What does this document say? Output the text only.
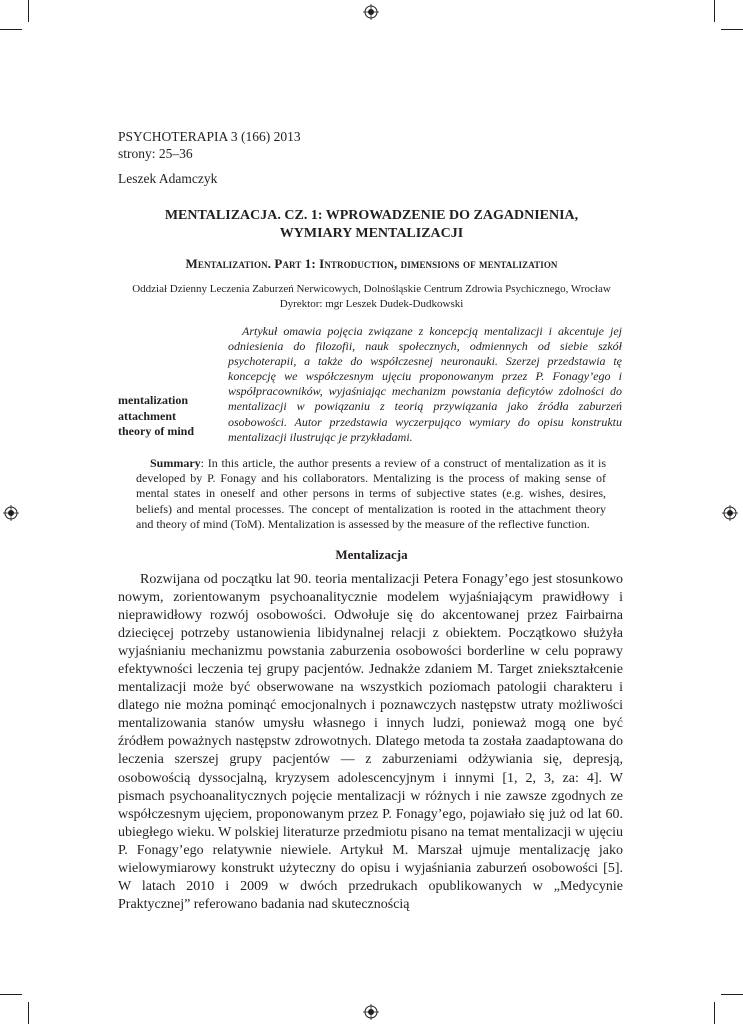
PSYCHOTERAPIA 3 (166) 2013
strony: 25–36
Leszek Adamczyk
MENTALIZACJA. CZ. 1: WPROWADZENIE DO ZAGADNIENIA,
WYMIARY MENTALIZACJI
Mentalization. Part 1: Introduction, dimensions of mentalization
Oddział Dzienny Leczenia Zaburzeń Nerwicowych, Dolnośląskie Centrum Zdrowia Psychicznego, Wrocław
Dyrektor: mgr Leszek Dudek-Dudkowski

Artykuł omawia pojęcia związane z koncepcją mentalizacji i akcentuje jej odniesienia do filozofii, nauk społecznych, odmiennych od siebie szkół psychoterapii, a także do współczesnej neuronauki. Szerzej przedstawia tę koncepcję we współczesnym ujęciu proponowanym przez P. Fonagy’ego i współpracowników, wyjaśniając mechanizm powstania deficytów zdolności do mentalizacji w powiązaniu z teorią przywiązania jako źródła zaburzeń osobowości. Autor przedstawia wyczerpująco wymiary do opisu konstruktu mentalizacji ilustrując je przykładami.

mentalization
attachment
theory of mind

Summary: In this article, the author presents a review of a construct of mentalization as it is developed by P. Fonagy and his collaborators. Mentalizing is the process of making sense of mental states in oneself and other persons in terms of subjective states (e.g. wishes, desires, beliefs) and mental processes. The concept of mentalization is rooted in the attachment theory and theory of mind (ToM). Mentalization is assessed by the measure of the reflective function.

Mentalizacja

Rozwijana od początku lat 90. teoria mentalizacji Petera Fonagy’ego jest stosunkowo nowym, zorientowanym psychoanalitycznie modelem wyjaśniającym prawidłowy i nieprawidłowy rozwój osobowości. Odwołuje się do akcentowanej przez Fairbairna dziecięcej potrzeby ustanowienia libidynalnej relacji z obiektem. Początkowo służyła wyjaśnianiu mechanizmu powstania zaburzenia osobowości borderline w celu poprawy efektywności leczenia tej grupy pacjentów. Jednakże zdaniem M. Target zniekształcenie mentalizacji może być obserwowane na wszystkich poziomach patologii charakteru i dlatego nie można pominąć emocjonalnych i poznawczych następstw utraty możliwości mentalizowania stanów umysłu własnego i innych ludzi, ponieważ mogą one być źródłem poważnych następstw zdrowotnych. Dlatego metoda ta została zaadaptowana do leczenia szerszej grupy pacjentów — z zaburzeniami odżywiania się, depresją, osobowością dyssocjalną, kryzysem adolescencyjnym i innymi [1, 2, 3, za: 4]. W pismach psychoanalitycznych pojęcie mentalizacji w różnych i nie zawsze zgodnych ze współczesnym ujęciem, proponowanym przez P. Fonagy’ego, pojawiało się już od lat 60. ubiegłego wieku. W polskiej literaturze przedmiotu pisano na temat mentalizacji w ujęciu P. Fonagy’ego relatywnie niewiele. Artykuł M. Marszał ujmuje mentalizację jako wielowymiarowy konstrukt użyteczny do opisu i wyjaśniania zaburzeń osobowości [5]. W latach 2010 i 2009 w dwóch przedrukach opublikowanych w „Medycynie Praktycznej” referowano badania nad skutecznością
